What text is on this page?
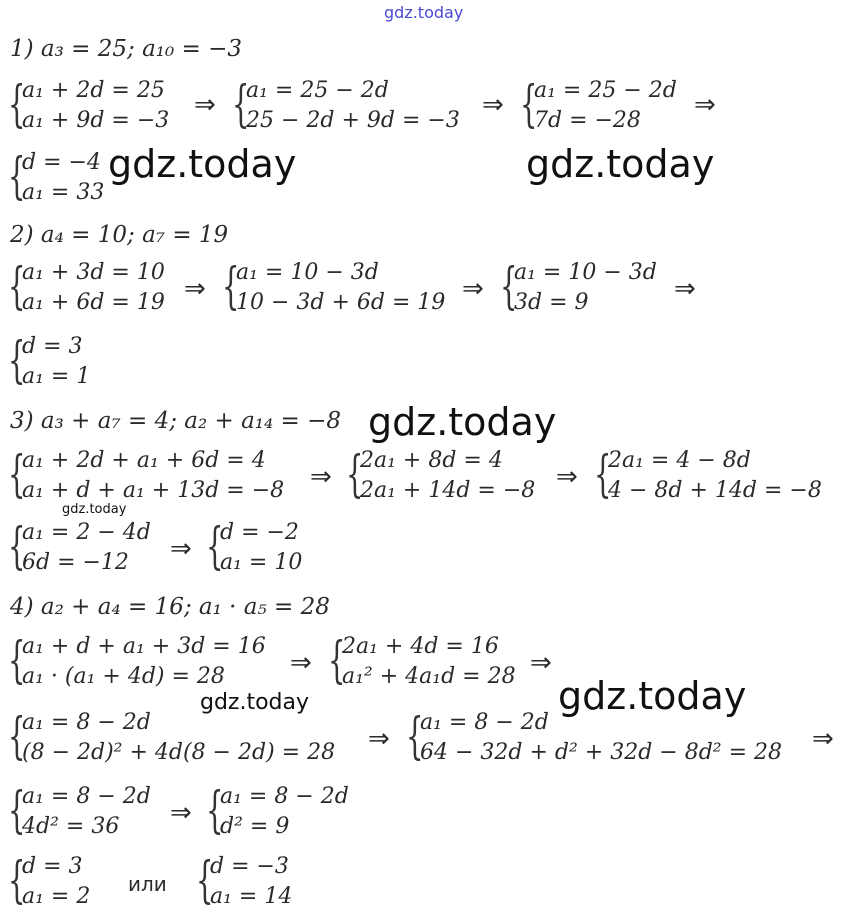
gdz.today
1) a₃ = 25; a₁₀ = −3
{
a₁ + 2d = 25
a₁ + 9d = −3
⇒ {
a₁ = 25 − 2d
25 − 2d + 9d = −3
⇒ {
a₁ = 25 − 2d
7d = −28
⇒
{
d = −4
a₁ = 33
gdz.today	gdz.today
2) a₄ = 10; a₇ = 19
{
a₁ + 3d = 10
a₁ + 6d = 19 ⇒ {
a₁ = 10 − 3d
10 − 3d + 6d = 19 ⇒ {
a₁ = 10 − 3d
3d = 9	⇒
{
d = 3
a₁ = 1
3) a₃ + a₇ = 4; a₂ + a₁₄ = −8 gdz.today
{
a₁ + 2d + a₁ + 6d = 4
a₁ + d + a₁ + 13d = −8 ⇒ {
2a₁ + 8d = 4
2a₁ + 14d = −8 ⇒ {
2a₁ = 4 − 8d
4 − 8d + 14d = −8
gdz.today
{
a₁ = 2 − 4d
6d = −12 ⇒ {
d = −2
a₁ = 10
4) a₂ + a₄ = 16; a₁ · a₅ = 28
{
a₁ + d + a₁ + 3d = 16
a₁ · (a₁ + 4d) = 28	⇒ {
2a₁ + 4d = 16
a₁² + 4a₁d = 28 ⇒
gdz.today	gdz.today
{
a₁ = 8 − 2d
(8 − 2d)² + 4d(8 − 2d) = 28 ⇒ {
a₁ = 8 − 2d
64 − 32d + d² + 32d − 8d² = 28 ⇒
{
a₁ = 8 − 2d
4d² = 36 ⇒ {
a₁ = 8 − 2d
d² = 9
{
d = 3
a₁ = 2 или {
d = −3
a₁ = 14
